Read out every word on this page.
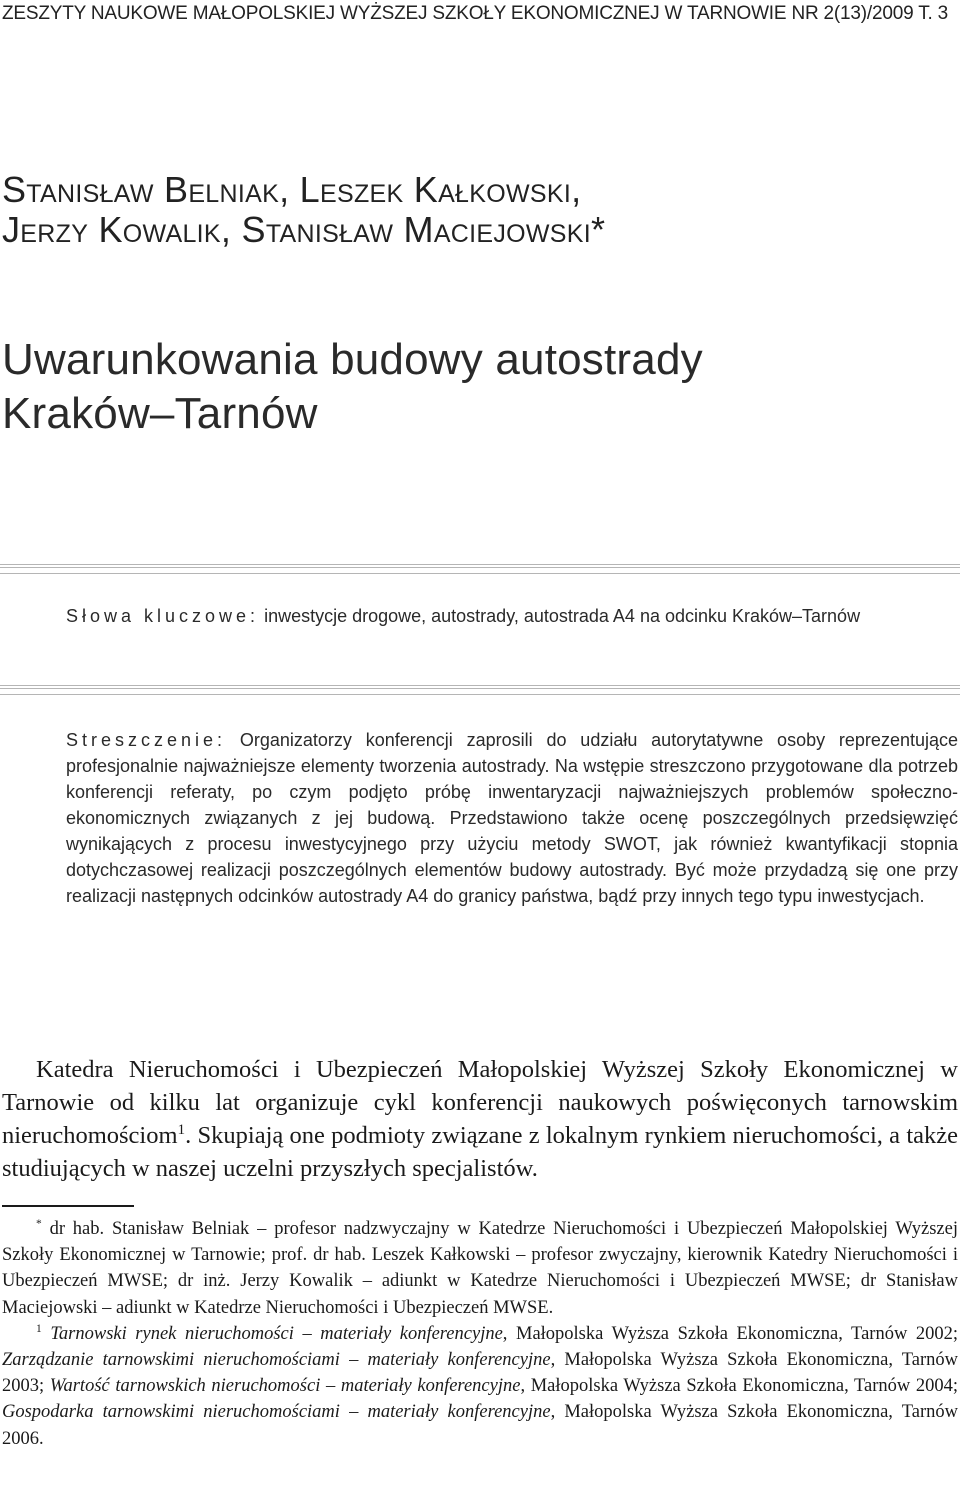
ZESZYTY NAUKOWE MAŁOPOLSKIEJ WYŻSZEJ SZKOŁY EKONOMICZNEJ W TARNOWIE NR 2(13)/2009 T. 3
Stanisław Belniak, Leszek Kałkowski,
Jerzy Kowalik, Stanisław Maciejowski*
Uwarunkowania budowy autostrady
Kraków–Tarnów
Słowa kluczowe: inwestycje drogowe, autostrady, autostrada A4 na odcinku Kraków–Tarnów
Streszczenie: Organizatorzy konferencji zaprosili do udziału autorytatywne osoby reprezentujące profesjonalnie najważniejsze elementy tworzenia autostrady. Na wstępie streszczono przygotowane dla potrzeb konferencji referaty, po czym podjęto próbę inwentaryzacji najważniejszych problemów społeczno-ekonomicznych związanych z jej budową. Przedstawiono także ocenę poszczególnych przedsięwzięć wynikających z procesu inwestycyjnego przy użyciu metody SWOT, jak również kwantyfikacji stopnia dotychczasowej realizacji poszczególnych elementów budowy autostrady. Być może przydadzą się one przy realizacji następnych odcinków autostrady A4 do granicy państwa, bądź przy innych tego typu inwestycjach.
Katedra Nieruchomości i Ubezpieczeń Małopolskiej Wyższej Szkoły Ekonomicznej w Tarnowie od kilku lat organizuje cykl konferencji naukowych poświęconych tarnowskim nieruchomościom$^1$. Skupiają one podmioty związane z lokalnym rynkiem nieruchomości, a także studiujących w naszej uczelni przyszłych specjalistów.

* dr hab. Stanisław Belniak – profesor nadzwyczajny w Katedrze Nieruchomości i Ubezpieczeń Małopolskiej Wyższej Szkoły Ekonomicznej w Tarnowie; prof. dr hab. Leszek Kałkowski – profesor zwyczajny, kierownik Katedry Nieruchomości i Ubezpieczeń MWSE; dr inż. Jerzy Kowalik – adiunkt w Katedrze Nieruchomości i Ubezpieczeń MWSE; dr Stanisław Maciejowski – adiunkt w Katedrze Nieruchomości i Ubezpieczeń MWSE.

$^1$ Tarnowski rynek nieruchomości – materiały konferencyjne, Małopolska Wyższa Szkoła Ekonomiczna, Tarnów 2002; Zarządzanie tarnowskimi nieruchomościami – materiały konferencyjne, Małopolska Wyższa Szkoła Ekonomiczna, Tarnów 2003; Wartość tarnowskich nieruchomości – materiały konferencyjne, Małopolska Wyższa Szkoła Ekonomiczna, Tarnów 2004; Gospodarka tarnowskimi nieruchomościami – materiały konferencyjne, Małopolska Wyższa Szkoła Ekonomiczna, Tarnów 2006.
